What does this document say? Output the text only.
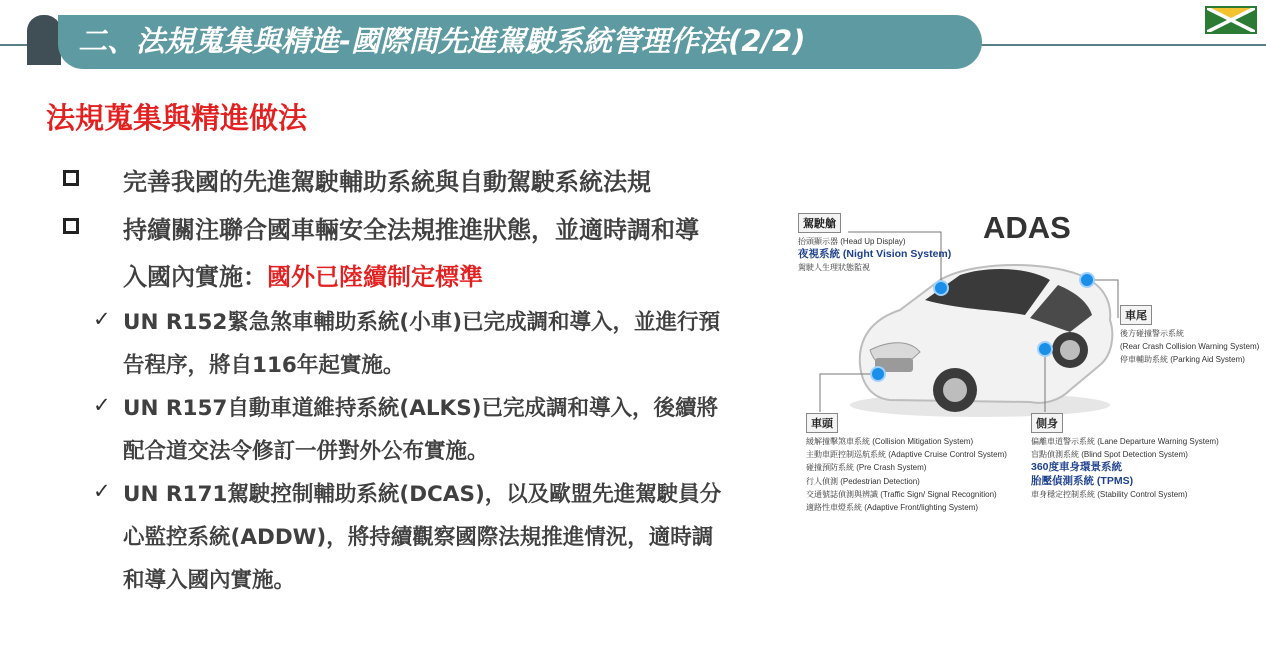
二、法規蒐集與精進-國際間先進駕駛系統管理作法(2/2)
法規蒐集與精進做法
完善我國的先進駕駛輔助系統與自動駕駛系統法規
持續關注聯合國車輛安全法規推進狀態，並適時調和導
入國內實施：國外已陸續制定標準
✓ UN R152緊急煞車輔助系統(小車)已完成調和導入，並進行預
告程序，將自116年起實施。
✓ UN R157自動車道維持系統(ALKS)已完成調和導入，後續將
配合道交法令修訂一併對外公布實施。
✓ UN R171駕駛控制輔助系統(DCAS)，以及歐盟先進駕駛員分
心監控系統(ADDW)，將持續觀察國際法規推進情況，適時調
和導入國內實施。
ADAS
駕駛艙
抬頭顯示器 (Head Up Display)
夜視系統 (Night Vision System)
駕駛人生理狀態監視
車尾
後方碰撞警示系統
(Rear Crash Collision Warning System)
停車輔助系統 (Parking Aid System)
車頭
緩解撞擊煞車系統 (Collision Mitigation System)
主動車距控制巡航系統 (Adaptive Cruise Control System)
碰撞預防系統 (Pre Crash System)
行人偵測 (Pedestrian Detection)
交通號誌偵測與辨識 (Traffic Sign/ Signal Recognition)
適路性車燈系統 (Adaptive Front/lighting System)
側身
偏離車道警示系統 (Lane Departure Warning System)
盲點偵測系統 (Blind Spot Detection System)
360度車身環景系統
胎壓偵測系統 (TPMS)
車身穩定控制系統 (Stability Control System)
